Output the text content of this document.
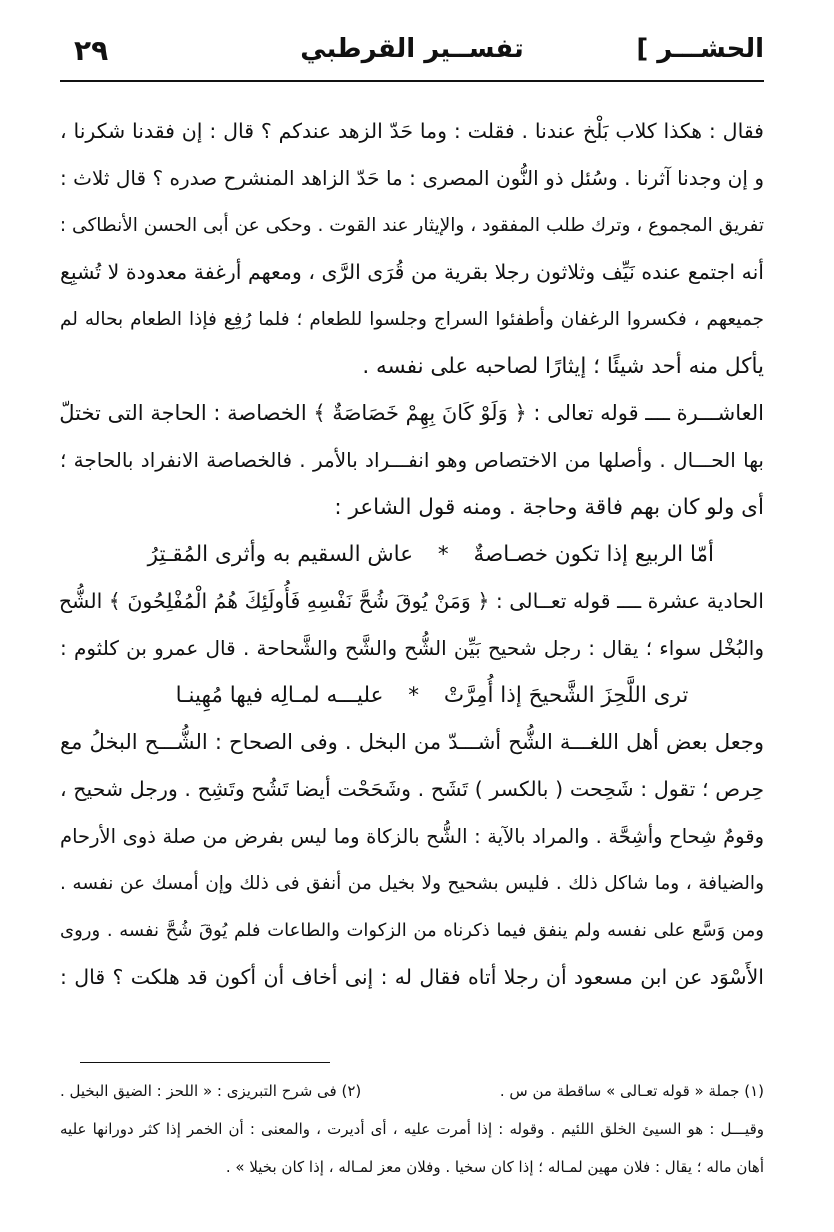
الحشـــر ]
تفســير القرطبي
٢٩
فقال : هكذا كلاب بَلْخ عندنا . فقلت : وما حَدّ الزهد عندكم ؟ قال : إن فقدنا شكرنا ،
و إن وجدنا آثرنا . وسُئل ذو النُّون المصرى : ما حَدّ الزاهد المنشرح صدره ؟ قال ثلاث :
تفريق المجموع ، وترك طلب المفقود ، والإيثار عند القوت . وحكى عن أبى الحسن الأنطاكى :
أنه اجتمع عنده نَيِّف وثلاثون رجلا بقرية من قُرَى الرَّى ، ومعهم أرغفة معدودة لا تُشبِع
جميعهم ، فكسروا الرغفان وأطفئوا السراج وجلسوا للطعام ؛ فلما رُفِع فإذا الطعام بحاله لم
يأكل منه أحد شيئًا ؛ إيثارًا لصاحبه على نفسه .
العاشـــرة ــــ قوله تعالى : ﴿ وَلَوْ كَانَ بِهِمْ خَصَاصَةٌ ﴾ الخصاصة : الحاجة التى تختلّ
بها الحـــال . وأصلها من الاختصاص وهو انفـــراد بالأمر . فالخصاصة الانفراد بالحاجة ؛
أى ولو كان بهم فاقة وحاجة . ومنه قول الشاعر :
أمّا الربيع إذا تكون خصـاصةٌ * عاش السقيم به وأثرى المُقـتِرُ
الحادية عشرة ــــ قوله تعــالى : ﴿ وَمَنْ يُوقَ شُحَّ نَفْسِهِ فَأُولَئِكَ هُمُ الْمُفْلِحُونَ ﴾ الشُّح
والبُخْل سواء ؛ يقال : رجل شحيح بَيِّن الشُّح والشَّح والشَّحاحة . قال عمرو بن كلثوم :
ترى اللَّحِزَ الشَّحيحَ إذا أُمِرَّتْ * عليـــه لمـالِه فيها مُهِينـا
وجعل بعض أهل اللغـــة الشُّح أشـــدّ من البخل . وفى الصحاح : الشُّـــح البخلُ مع
حِرص ؛ تقول : شَحِحت ( بالكسر ) تَشَح . وشَحَحْت أيضا تَشُح وتَشِح . ورجل شحيح ،
وقومٌ شِحاح وأشِحَّة . والمراد بالآية : الشُّح بالزكاة وما ليس بفرض من صلة ذوى الأرحام
والضيافة ، وما شاكل ذلك . فليس بشحيح ولا بخيل من أنفق فى ذلك وإن أمسك عن نفسه .
ومن وَسَّع على نفسه ولم ينفق فيما ذكرناه من الزكوات والطاعات فلم يُوقَ شُحَّ نفسه . وروى
الأَسْوَد عن ابن مسعود أن رجلا أتاه فقال له : إنى أخاف أن أكون قد هلكت ؟ قال :
(١) جملة « قوله تعـالى » ساقطة من س .
(٢) فى شرح التبريزى : « اللحز : الضيق البخيل .
وقيـــل : هو السيئ الخلق اللئيم . وقوله : إذا أمرت عليه ، أى أديرت ، والمعنى : أن الخمر إذا كثر دورانها عليه
أهان ماله ؛ يقال : فلان مهين لمـاله ؛ إذا كان سخيا . وفلان معز لمـاله ، إذا كان بخيلا » .
